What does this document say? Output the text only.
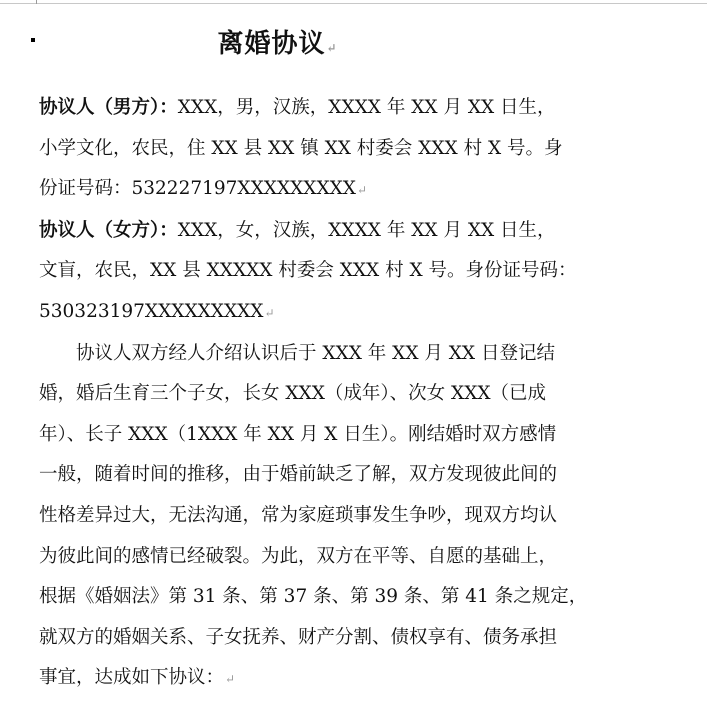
离婚协议↵

协议人（男方）：XXX，男，汉族，XXXX 年 XX 月 XX 日生，
小学文化，农民，住 XX 县 XX 镇 XX 村委会 XXX 村 X 号。身
份证号码：532227197XXXXXXXXX↵

协议人（女方）：XXX，女，汉族，XXXX 年 XX 月 XX 日生，
文盲，农民，XX 县 XXXXX 村委会 XXX 村 X 号。身份证号码：
530323197XXXXXXXXX↵

协议人双方经人介绍认识后于 XXX 年 XX 月 XX 日登记结
婚，婚后生育三个子女，长女 XXX（成年）、次女 XXX（已成
年）、长子 XXX（1XXX 年 XX 月 X 日生）。刚结婚时双方感情
一般，随着时间的推移，由于婚前缺乏了解，双方发现彼此间的
性格差异过大，无法沟通，常为家庭琐事发生争吵，现双方均认
为彼此间的感情已经破裂。为此，双方在平等、自愿的基础上，
根据《婚姻法》第 31 条、第 37 条、第 39 条、第 41 条之规定，
就双方的婚姻关系、子女抚养、财产分割、债权享有、债务承担
事宜，达成如下协议：↵
